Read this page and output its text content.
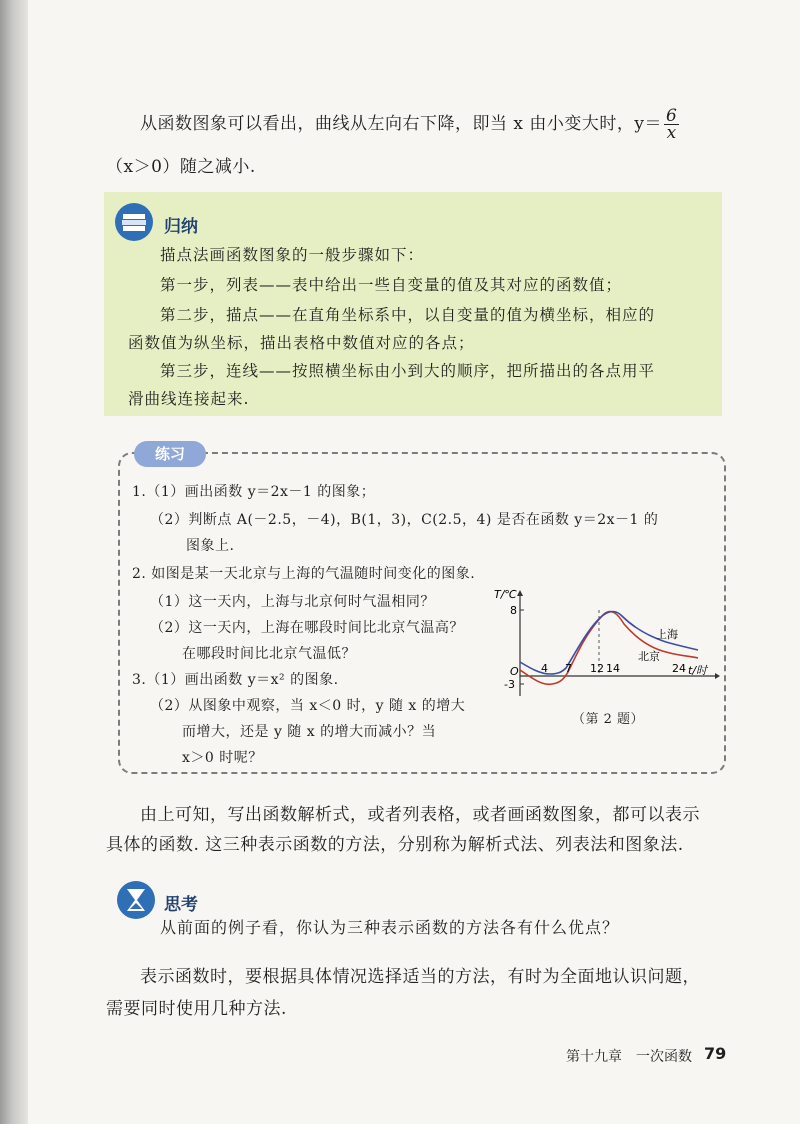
从函数图象可以看出，曲线从左向右下降，即当 x 由小变大时，$y= \frac{6}{x}$
（x＞0）随之减小.
归纳
描点法画函数图象的一般步骤如下：
第一步，列表——表中给出一些自变量的值及其对应的函数值；
第二步，描点——在直角坐标系中，以自变量的值为横坐标，相应的
函数值为纵坐标，描出表格中数值对应的各点；
第三步，连线——按照横坐标由小到大的顺序，把所描出的各点用平
滑曲线连接起来.
练习
1.（1）画出函数 y＝2x－1 的图象；
（2）判断点 A(－2.5，－4)，B(1，3)，C(2.5，4) 是否在函数 y＝2x－1 的
图象上.
2. 如图是某一天北京与上海的气温随时间变化的图象.
（1）这一天内，上海与北京何时气温相同？
（2）这一天内，上海在哪段时间比北京气温高？
在哪段时间比北京气温低？
3.（1）画出函数 y＝x² 的图象.
（2）从图象中观察，当 x＜0 时，y 随 x 的增大
而增大，还是 y 随 x 的增大而减小？当
x＞0 时呢？
T/℃
t/时
O
8
-3
4 7 12 14	24
上海
北京
（第 2 题）
由上可知，写出函数解析式，或者列表格，或者画函数图象，都可以表示
具体的函数. 这三种表示函数的方法，分别称为解析式法、列表法和图象法.
思考
从前面的例子看，你认为三种表示函数的方法各有什么优点？
表示函数时，要根据具体情况选择适当的方法，有时为全面地认识问题，
需要同时使用几种方法.
第十九章　一次函数 79
